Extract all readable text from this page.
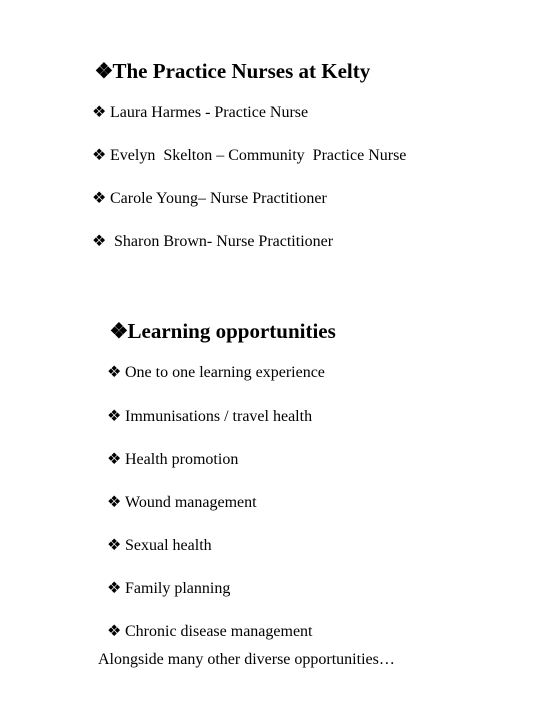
❖The Practice Nurses at Kelty

❖ Laura Harmes - Practice Nurse

❖ Evelyn  Skelton – Community  Practice Nurse

❖ Carole Young– Nurse Practitioner

❖ Sharon Brown- Nurse Practitioner

❖Learning opportunities

❖ One to one learning experience

❖ Immunisations / travel health

❖ Health promotion

❖ Wound management

❖ Sexual health

❖ Family planning

❖ Chronic disease management

Alongside many other diverse opportunities…
